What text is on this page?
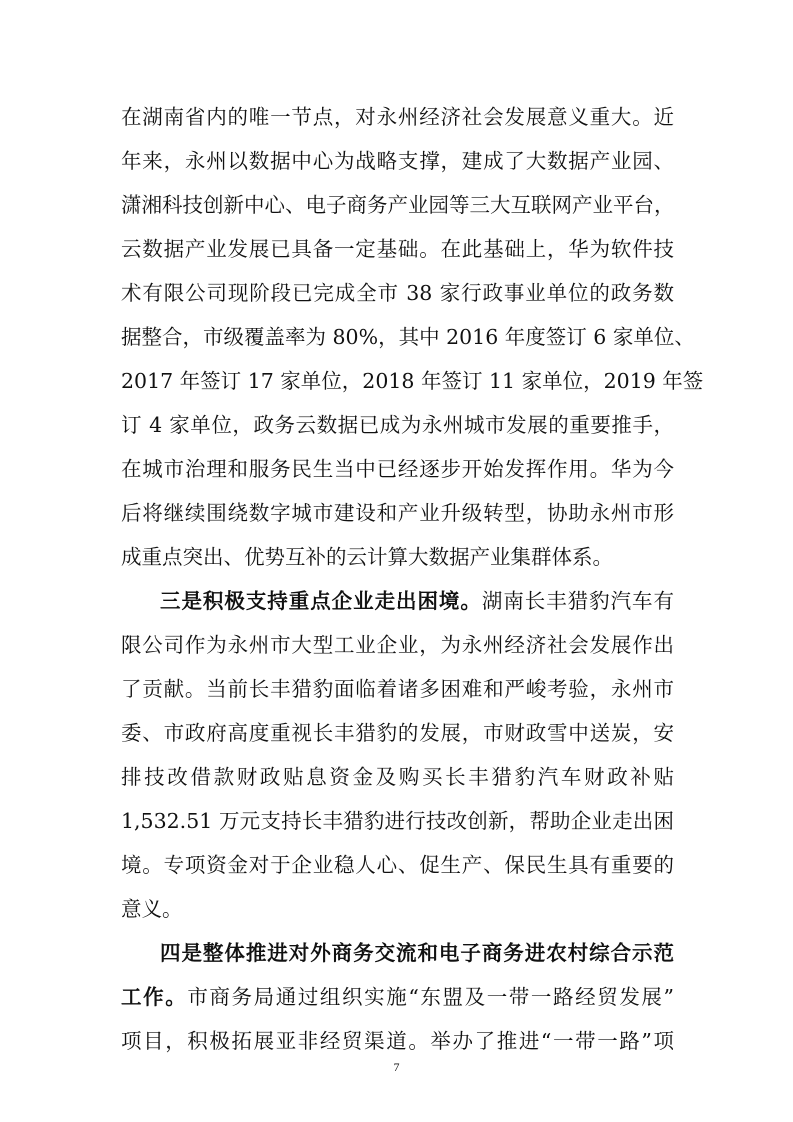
在湖南省内的唯一节点，对永州经济社会发展意义重大。近
年来，永州以数据中心为战略支撑，建成了大数据产业园、
潇湘科技创新中心、电子商务产业园等三大互联网产业平台，
云数据产业发展已具备一定基础。在此基础上，华为软件技
术有限公司现阶段已完成全市 38 家行政事业单位的政务数
据整合，市级覆盖率为 80%，其中 2016 年度签订 6 家单位、
2017 年签订 17 家单位，2018 年签订 11 家单位，2019 年签
订 4 家单位，政务云数据已成为永州城市发展的重要推手，
在城市治理和服务民生当中已经逐步开始发挥作用。华为今
后将继续围绕数字城市建设和产业升级转型，协助永州市形
成重点突出、优势互补的云计算大数据产业集群体系。
三是积极支持重点企业走出困境。湖南长丰猎豹汽车有
限公司作为永州市大型工业企业，为永州经济社会发展作出
了贡献。当前长丰猎豹面临着诸多困难和严峻考验，永州市
委、市政府高度重视长丰猎豹的发展，市财政雪中送炭，安
排技改借款财政贴息资金及购买长丰猎豹汽车财政补贴
1,532.51 万元支持长丰猎豹进行技改创新，帮助企业走出困
境。专项资金对于企业稳人心、促生产、保民生具有重要的
意义。
四是整体推进对外商务交流和电子商务进农村综合示范
工作。市商务局通过组织实施“东盟及一带一路经贸发展”
项目，积极拓展亚非经贸渠道。举办了推进“一带一路”项
7
